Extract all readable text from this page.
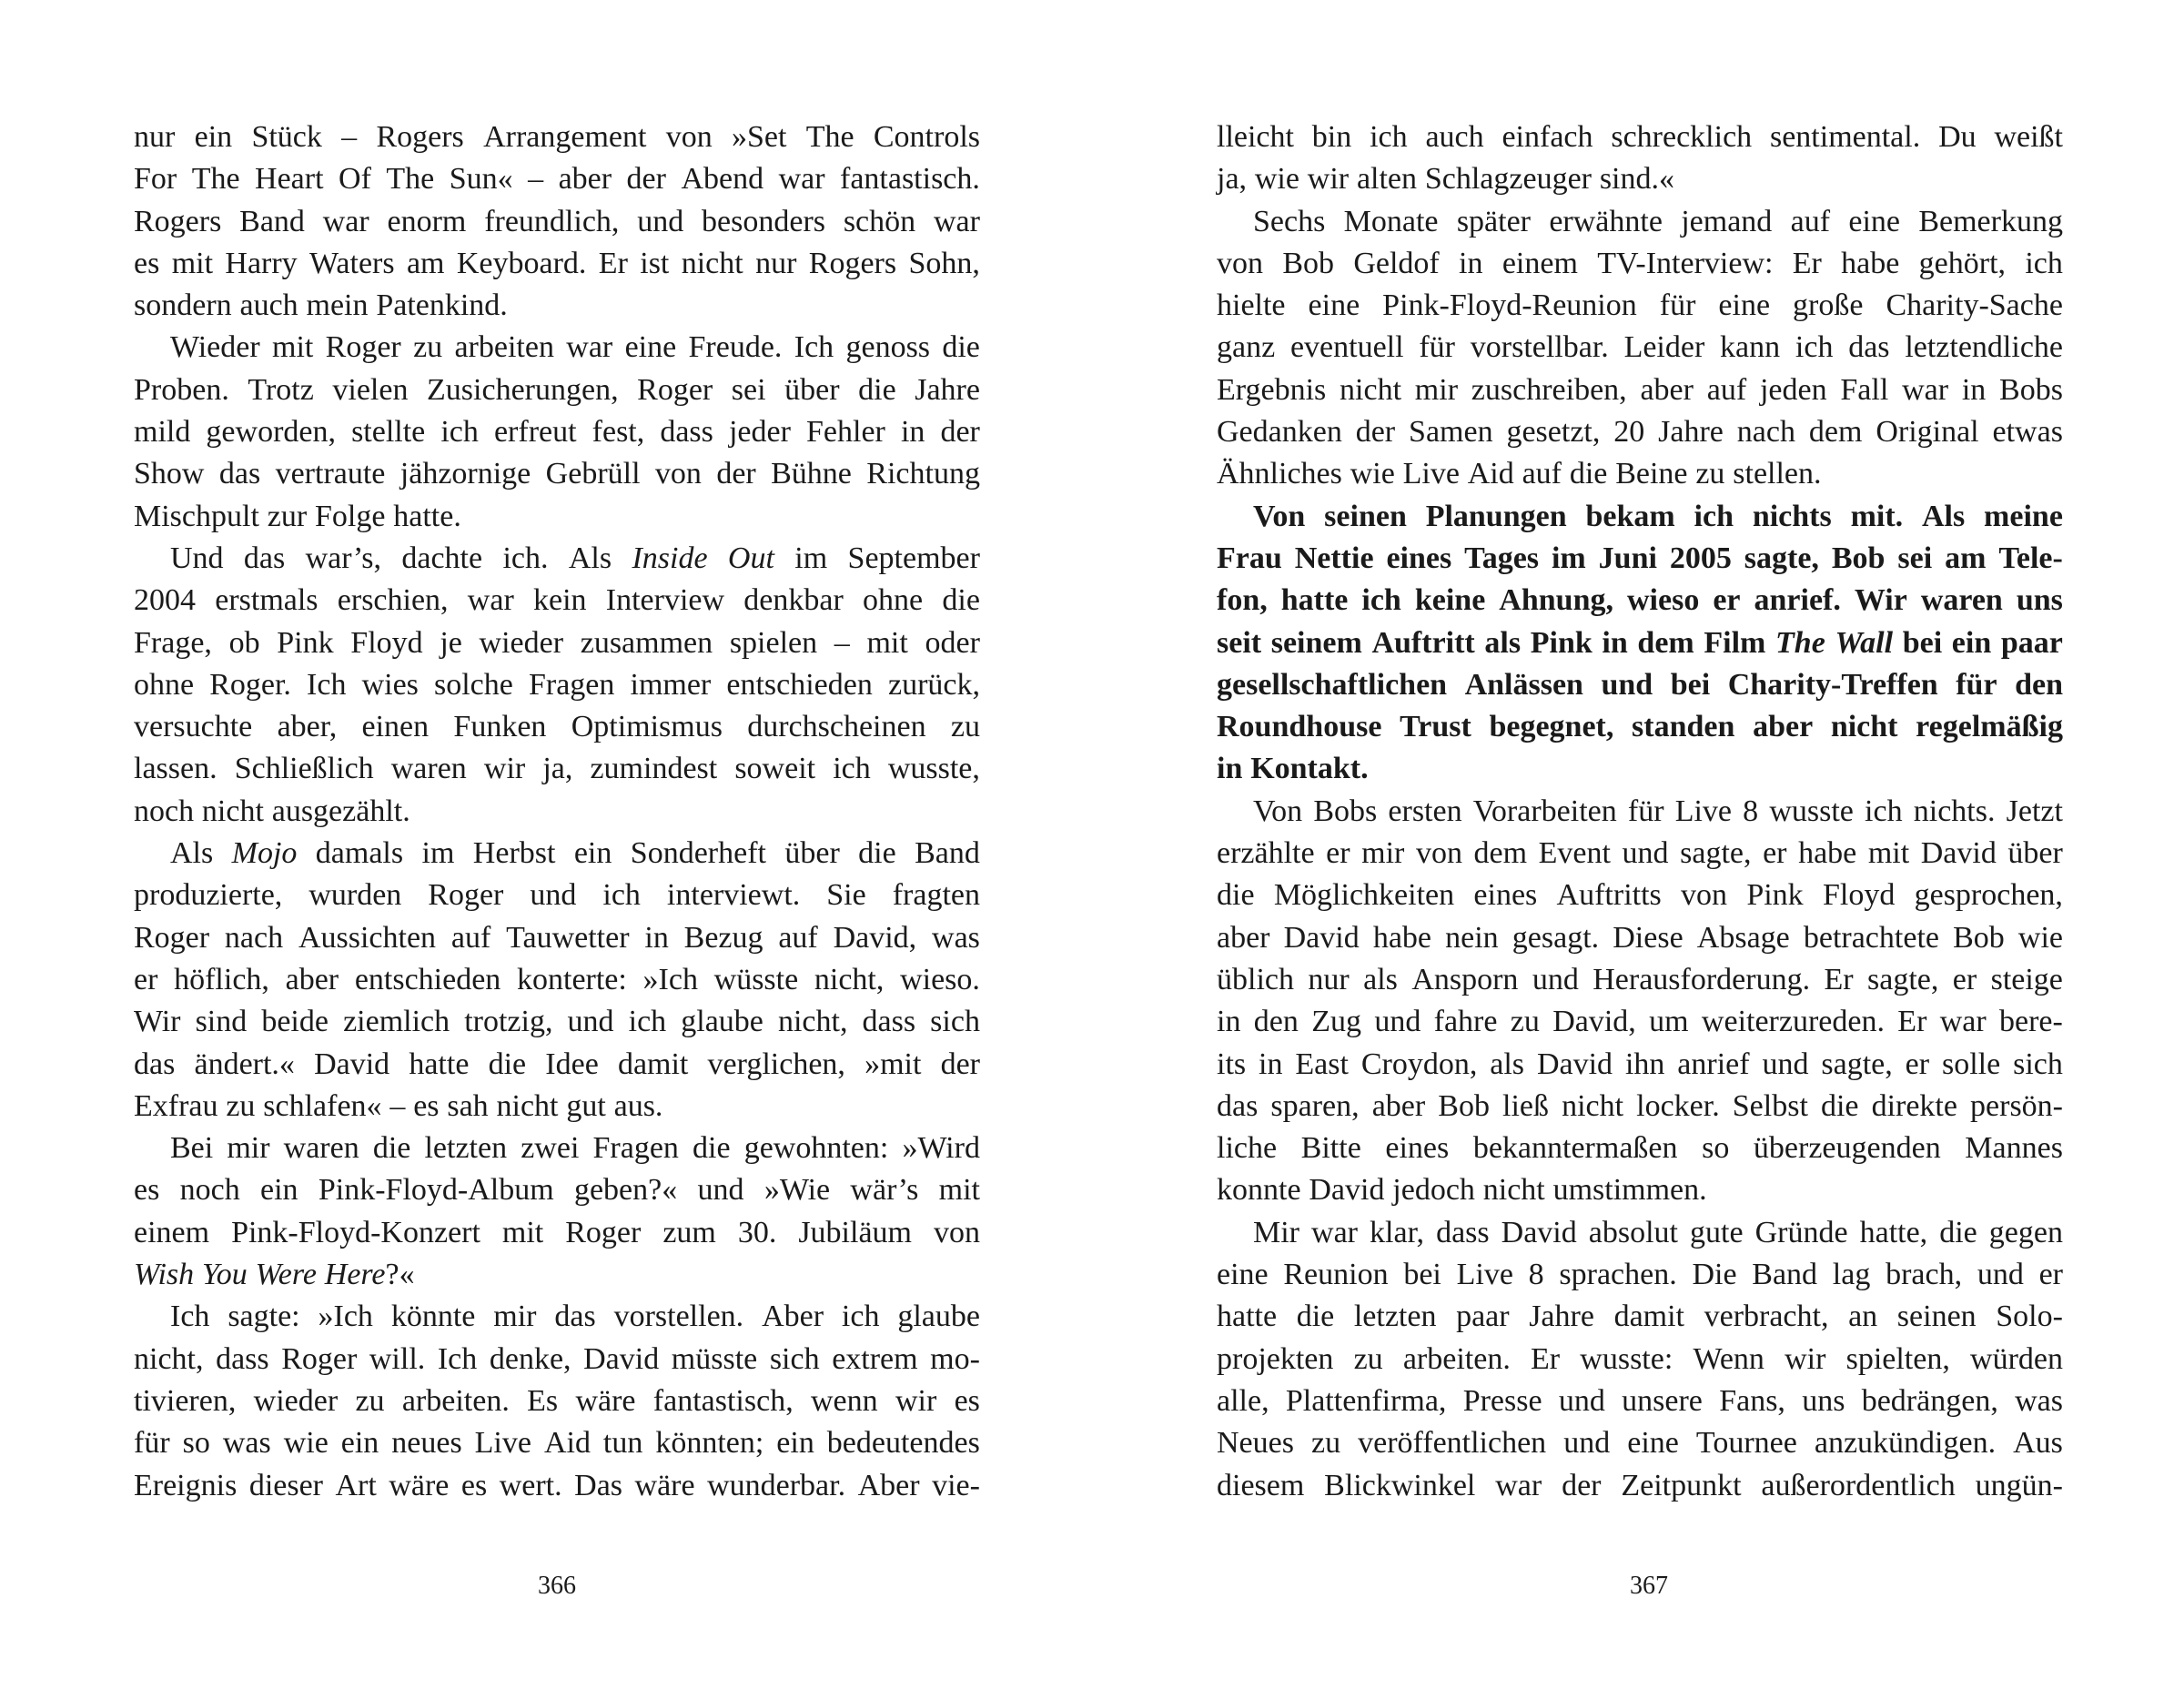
nur ein Stück – Rogers Arrangement von »Set The Controls
For The Heart Of The Sun« – aber der Abend war fantastisch.
Rogers Band war enorm freundlich, und besonders schön war
es mit Harry Waters am Keyboard. Er ist nicht nur Rogers Sohn,
sondern auch mein Patenkind.
Wieder mit Roger zu arbeiten war eine Freude. Ich genoss die
Proben. Trotz vielen Zusicherungen, Roger sei über die Jahre
mild geworden, stellte ich erfreut fest, dass jeder Fehler in der
Show das vertraute jähzornige Gebrüll von der Bühne Richtung
Mischpult zur Folge hatte.
Und das war’s, dachte ich. Als Inside Out im September
2004 erstmals erschien, war kein Interview denkbar ohne die
Frage, ob Pink Floyd je wieder zusammen spielen – mit oder
ohne Roger. Ich wies solche Fragen immer entschieden zurück,
versuchte aber, einen Funken Optimismus durchscheinen zu
lassen. Schließlich waren wir ja, zumindest soweit ich wusste,
noch nicht ausgezählt.
Als Mojo damals im Herbst ein Sonderheft über die Band
produzierte, wurden Roger und ich interviewt. Sie fragten
Roger nach Aussichten auf Tauwetter in Bezug auf David, was
er höflich, aber entschieden konterte: »Ich wüsste nicht, wieso.
Wir sind beide ziemlich trotzig, und ich glaube nicht, dass sich
das ändert.« David hatte die Idee damit verglichen, »mit der
Exfrau zu schlafen« – es sah nicht gut aus.
Bei mir waren die letzten zwei Fragen die gewohnten: »Wird
es noch ein Pink-Floyd-Album geben?« und »Wie wär’s mit
einem Pink-Floyd-Konzert mit Roger zum 30. Jubiläum von
Wish You Were Here?«
Ich sagte: »Ich könnte mir das vorstellen. Aber ich glaube
nicht, dass Roger will. Ich denke, David müsste sich extrem mo-
tivieren, wieder zu arbeiten. Es wäre fantastisch, wenn wir es
für so was wie ein neues Live Aid tun könnten; ein bedeutendes
Ereignis dieser Art wäre es wert. Das wäre wunderbar. Aber vie-
366
lleicht bin ich auch einfach schrecklich sentimental. Du weißt
ja, wie wir alten Schlagzeuger sind.«
Sechs Monate später erwähnte jemand auf eine Bemerkung
von Bob Geldof in einem TV-Interview: Er habe gehört, ich
hielte eine Pink-Floyd-Reunion für eine große Charity-Sache
ganz eventuell für vorstellbar. Leider kann ich das letztendliche
Ergebnis nicht mir zuschreiben, aber auf jeden Fall war in Bobs
Gedanken der Samen gesetzt, 20 Jahre nach dem Original etwas
Ähnliches wie Live Aid auf die Beine zu stellen.
Von seinen Planungen bekam ich nichts mit. Als meine
Frau Nettie eines Tages im Juni 2005 sagte, Bob sei am Tele-
fon, hatte ich keine Ahnung, wieso er anrief. Wir waren uns
seit seinem Auftritt als Pink in dem Film The Wall bei ein paar
gesellschaftlichen Anlässen und bei Charity-Treffen für den
Roundhouse Trust begegnet, standen aber nicht regelmäßig
in Kontakt.
Von Bobs ersten Vorarbeiten für Live 8 wusste ich nichts. Jetzt
erzählte er mir von dem Event und sagte, er habe mit David über
die Möglichkeiten eines Auftritts von Pink Floyd gesprochen,
aber David habe nein gesagt. Diese Absage betrachtete Bob wie
üblich nur als Ansporn und Herausforderung. Er sagte, er steige
in den Zug und fahre zu David, um weiterzureden. Er war bere-
its in East Croydon, als David ihn anrief und sagte, er solle sich
das sparen, aber Bob ließ nicht locker. Selbst die direkte persön-
liche Bitte eines bekanntermaßen so überzeugenden Mannes
konnte David jedoch nicht umstimmen.
Mir war klar, dass David absolut gute Gründe hatte, die gegen
eine Reunion bei Live 8 sprachen. Die Band lag brach, und er
hatte die letzten paar Jahre damit verbracht, an seinen Solo-
projekten zu arbeiten. Er wusste: Wenn wir spielten, würden
alle, Plattenfirma, Presse und unsere Fans, uns bedrängen, was
Neues zu veröffentlichen und eine Tournee anzukündigen. Aus
diesem Blickwinkel war der Zeitpunkt außerordentlich ungün-
367
